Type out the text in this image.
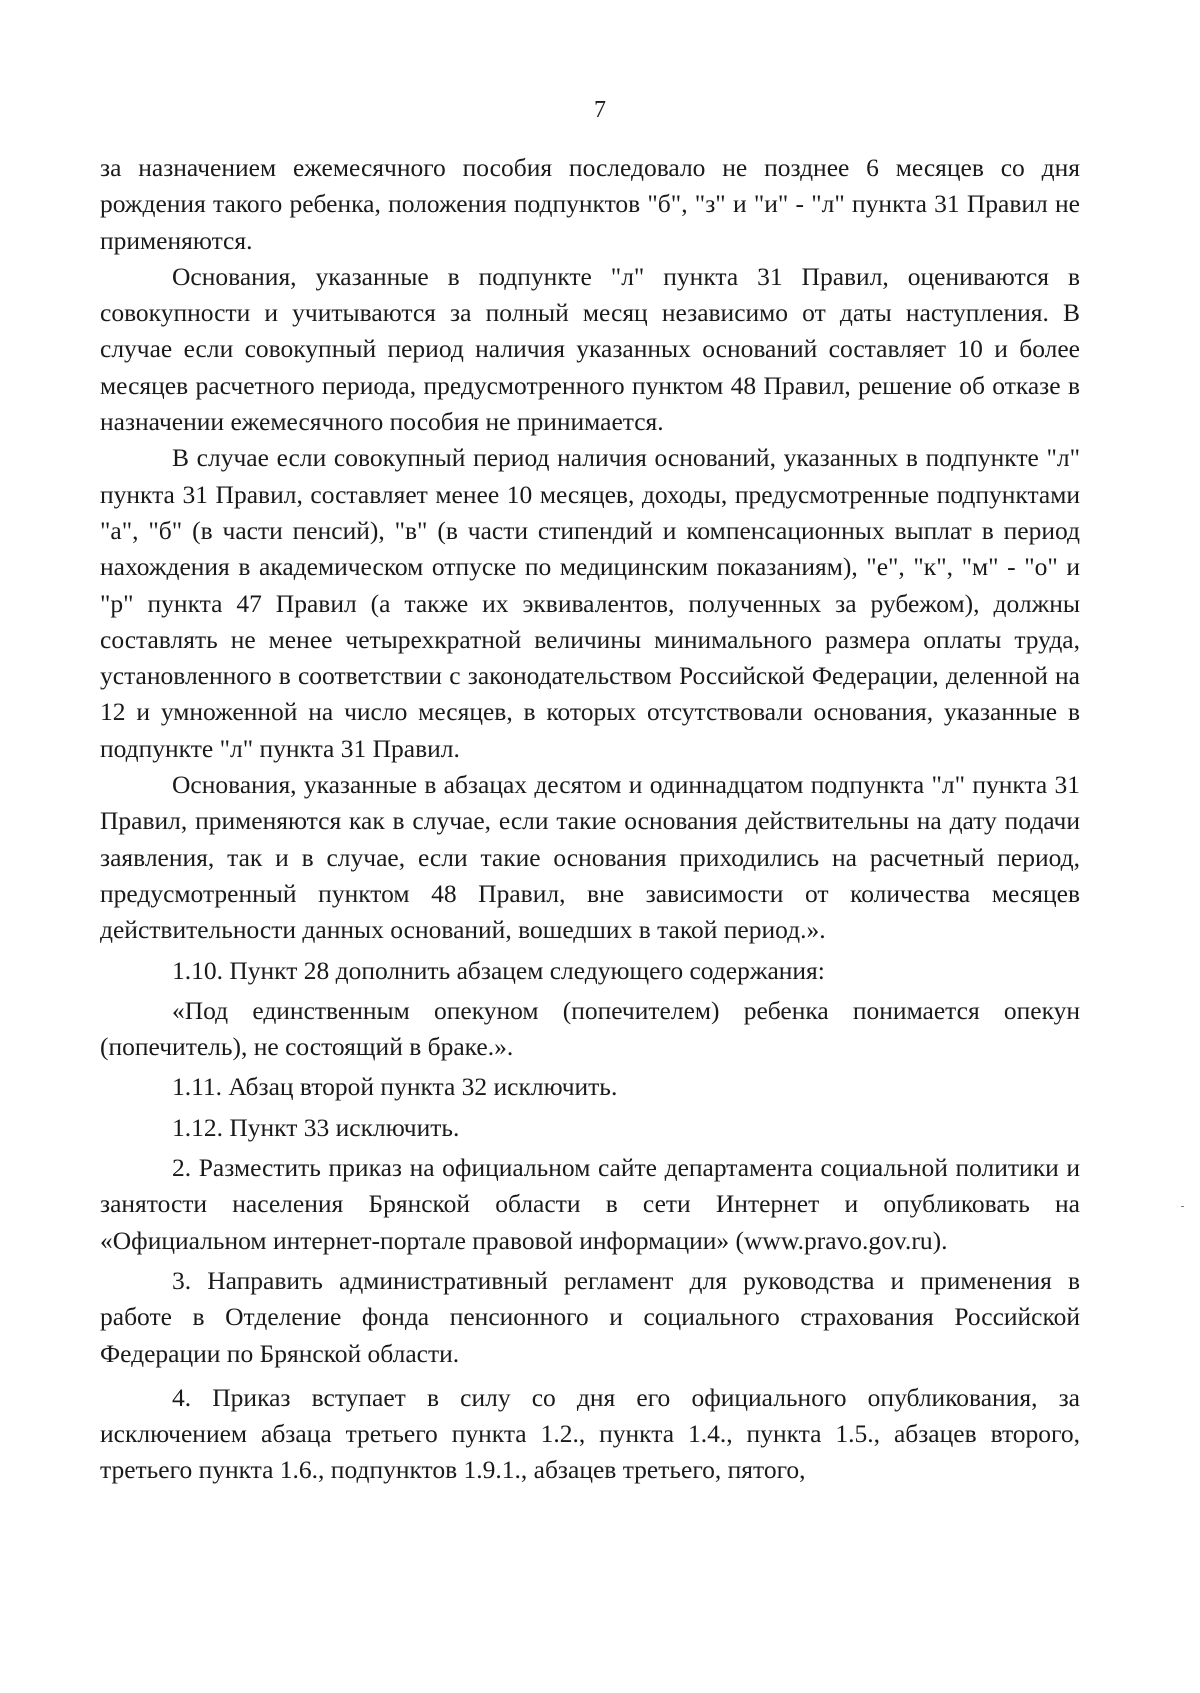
7

за назначением ежемесячного пособия последовало не позднее 6 месяцев со дня рождения такого ребенка, положения подпунктов "б", "з" и "и" - "л" пункта 31 Правил не применяются.

Основания, указанные в подпункте "л" пункта 31 Правил, оцениваются в совокупности и учитываются за полный месяц независимо от даты наступления. В случае если совокупный период наличия указанных оснований составляет 10 и более месяцев расчетного периода, предусмотренного пунктом 48 Правил, решение об отказе в назначении ежемесячного пособия не принимается.

В случае если совокупный период наличия оснований, указанных в подпункте "л" пункта 31 Правил, составляет менее 10 месяцев, доходы, предусмотренные подпунктами "а", "б" (в части пенсий), "в" (в части стипендий и компенсационных выплат в период нахождения в академическом отпуске по медицинским показаниям), "е", "к", "м" - "о" и "р" пункта 47 Правил (а также их эквивалентов, полученных за рубежом), должны составлять не менее четырехкратной величины минимального размера оплаты труда, установленного в соответствии с законодательством Российской Федерации, деленной на 12 и умноженной на число месяцев, в которых отсутствовали основания, указанные в подпункте "л" пункта 31 Правил.

Основания, указанные в абзацах десятом и одиннадцатом подпункта "л" пункта 31 Правил, применяются как в случае, если такие основания действительны на дату подачи заявления, так и в случае, если такие основания приходились на расчетный период, предусмотренный пунктом 48 Правил, вне зависимости от количества месяцев действительности данных оснований, вошедших в такой период.».

1.10. Пункт 28 дополнить абзацем следующего содержания:

«Под единственным опекуном (попечителем) ребенка понимается опекун (попечитель), не состоящий в браке.».

1.11. Абзац второй пункта 32 исключить.

1.12. Пункт 33 исключить.

2. Разместить приказ на официальном сайте департамента социальной политики и занятости населения Брянской области в сети Интернет и опубликовать на «Официальном интернет-портале правовой информации» (www.pravo.gov.ru).

3. Направить административный регламент для руководства и применения в работе в Отделение фонда пенсионного и социального страхования Российской Федерации по Брянской области.

4. Приказ вступает в силу со дня его официального опубликования, за исключением абзаца третьего пункта 1.2., пункта 1.4., пункта 1.5., абзацев второго, третьего пункта 1.6., подпунктов 1.9.1., абзацев третьего, пятого,
